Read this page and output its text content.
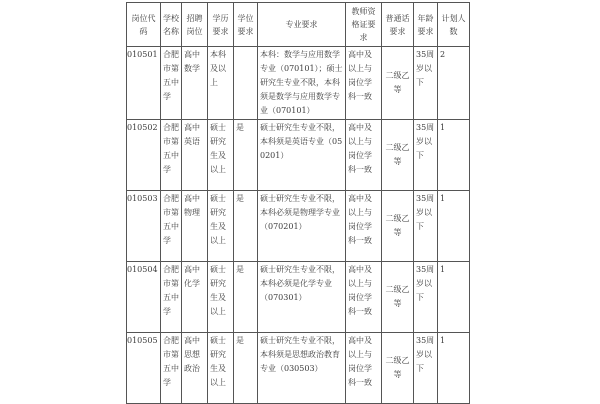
岗位代码	学校名称	招聘岗位	学历要求	学位要求	专业要求	教师资格证要求	普通话要求	年龄要求	计划人数
010501	合肥市第五中学	高中数学	本科及以上		本科：数学与应用数学专业（070101）；硕士研究生专业不限，本科须是数学与应用数学专业（070101）	高中及以上与岗位学科一致	二级乙等	35周岁以下	2
010502	合肥市第五中学	高中英语	硕士研究生及以上	是	硕士研究生专业不限，本科须是英语专业（050201）	高中及以上与岗位学科一致	二级乙等	35周岁以下	1
010503	合肥市第五中学	高中物理	硕士研究生及以上	是	硕士研究生专业不限，本科必须是物理学专业（070201）	高中及以上与岗位学科一致	二级乙等	35周岁以下	1
010504	合肥市第五中学	高中化学	硕士研究生及以上	是	硕士研究生专业不限，本科必须是化学专业（070301）	高中及以上与岗位学科一致	二级乙等	35周岁以下	1
010505	合肥市第五中学	高中思想政治	硕士研究生及以上	是	硕士研究生专业不限，本科须是思想政治教育专业（030503）	高中及以上与岗位学科一致	二级乙等	35周岁以下	1
